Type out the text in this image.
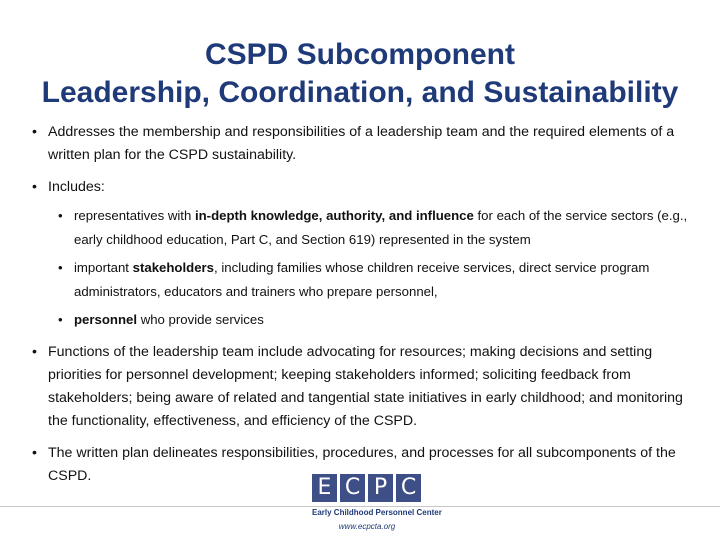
CSPD Subcomponent
Leadership, Coordination, and Sustainability
• Addresses the membership and responsibilities of a leadership team and the required elements of a written plan for the CSPD sustainability.
• Includes:
• representatives with in-depth knowledge, authority, and influence for each of the service sectors (e.g., early childhood education, Part C, and Section 619) represented in the system
• important stakeholders, including families whose children receive services, direct service program administrators, educators and trainers who prepare personnel,
• personnel who provide services
• Functions of the leadership team include advocating for resources; making decisions and setting priorities for personnel development; keeping stakeholders informed; soliciting feedback from stakeholders; being aware of related and tangential state initiatives in early childhood; and monitoring the functionality, effectiveness, and efficiency of the CSPD.
• The written plan delineates responsibilities, procedures, and processes for all subcomponents of the CSPD.	E C P C
Early Childhood Personnel Center
www.ecpcta.org
